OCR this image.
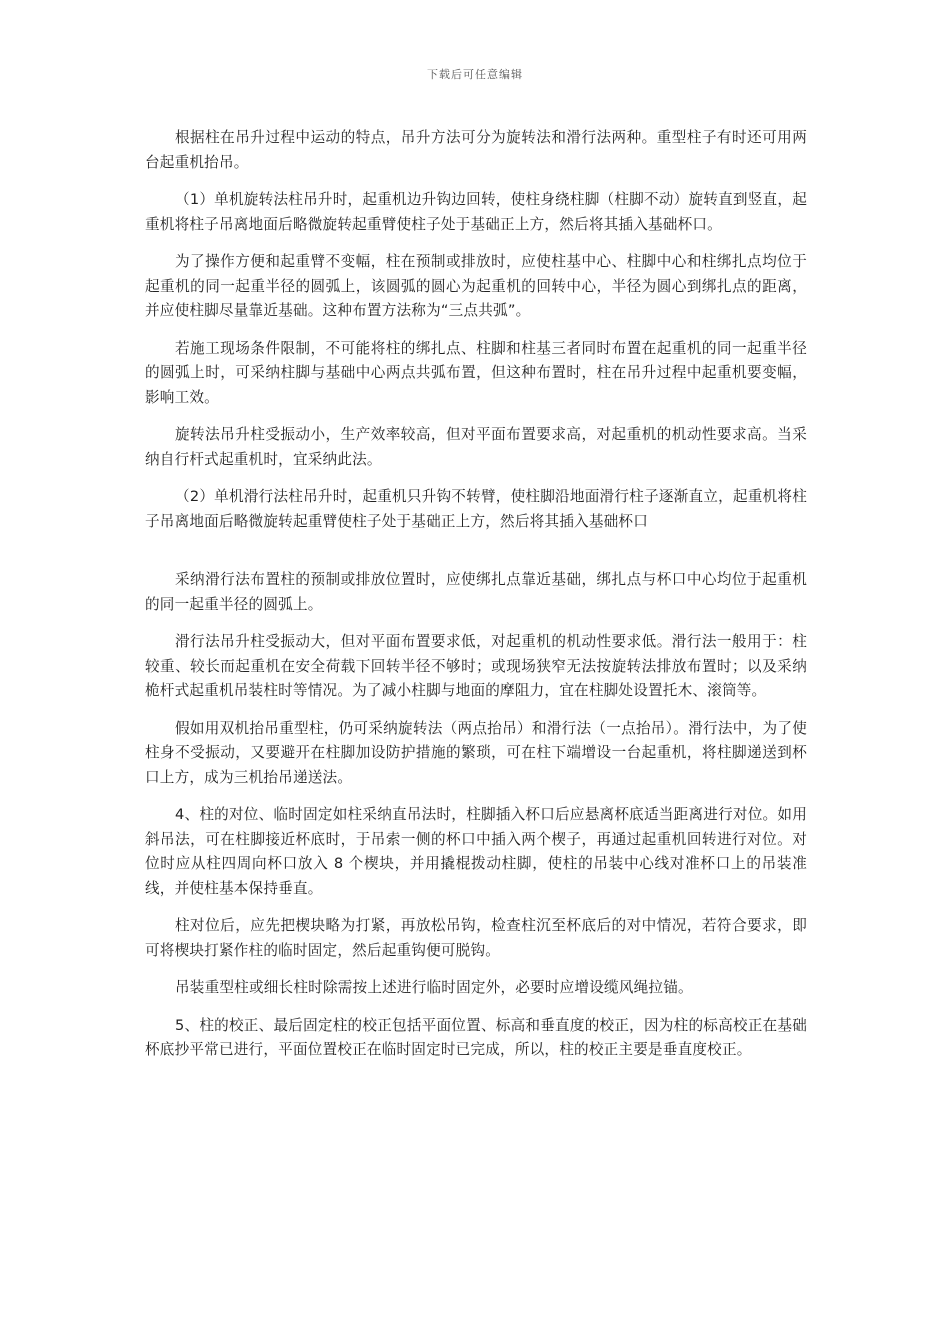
下载后可任意编辑

根据柱在吊升过程中运动的特点，吊升方法可分为旋转法和滑行法两种。重型柱子有时还可用两台起重机抬吊。

（1）单机旋转法柱吊升时，起重机边升钩边回转，使柱身绕柱脚（柱脚不动）旋转直到竖直，起重机将柱子吊离地面后略微旋转起重臂使柱子处于基础正上方，然后将其插入基础杯口。

为了操作方便和起重臂不变幅，柱在预制或排放时，应使柱基中心、柱脚中心和柱绑扎点均位于起重机的同一起重半径的圆弧上，该圆弧的圆心为起重机的回转中心，半径为圆心到绑扎点的距离，并应使柱脚尽量靠近基础。这种布置方法称为“三点共弧”。

若施工现场条件限制，不可能将柱的绑扎点、柱脚和柱基三者同时布置在起重机的同一起重半径的圆弧上时，可采纳柱脚与基础中心两点共弧布置，但这种布置时，柱在吊升过程中起重机要变幅，影响工效。

旋转法吊升柱受振动小，生产效率较高，但对平面布置要求高，对起重机的机动性要求高。当采纳自行杆式起重机时，宜采纳此法。

（2）单机滑行法柱吊升时，起重机只升钩不转臂，使柱脚沿地面滑行柱子逐渐直立，起重机将柱子吊离地面后略微旋转起重臂使柱子处于基础正上方，然后将其插入基础杯口

采纳滑行法布置柱的预制或排放位置时，应使绑扎点靠近基础，绑扎点与杯口中心均位于起重机的同一起重半径的圆弧上。

滑行法吊升柱受振动大，但对平面布置要求低，对起重机的机动性要求低。滑行法一般用于：柱较重、较长而起重机在安全荷载下回转半径不够时；或现场狭窄无法按旋转法排放布置时；以及采纳桅杆式起重机吊装柱时等情况。为了减小柱脚与地面的摩阻力，宜在柱脚处设置托木、滚筒等。

假如用双机抬吊重型柱，仍可采纳旋转法（两点抬吊）和滑行法（一点抬吊）。滑行法中，为了使柱身不受振动，又要避开在柱脚加设防护措施的繁琐，可在柱下端增设一台起重机，将柱脚递送到杯口上方，成为三机抬吊递送法。

4、柱的对位、临时固定如柱采纳直吊法时，柱脚插入杯口后应悬离杯底适当距离进行对位。如用斜吊法，可在柱脚接近杯底时，于吊索一侧的杯口中插入两个楔子，再通过起重机回转进行对位。对位时应从柱四周向杯口放入 8 个楔块，并用撬棍拨动柱脚，使柱的吊装中心线对准杯口上的吊装准线，并使柱基本保持垂直。

柱对位后，应先把楔块略为打紧，再放松吊钩，检查柱沉至杯底后的对中情况，若符合要求，即可将楔块打紧作柱的临时固定，然后起重钩便可脱钩。

吊装重型柱或细长柱时除需按上述进行临时固定外，必要时应增设缆风绳拉锚。

5、柱的校正、最后固定柱的校正包括平面位置、标高和垂直度的校正，因为柱的标高校正在基础杯底抄平常已进行，平面位置校正在临时固定时已完成，所以，柱的校正主要是垂直度校正。
